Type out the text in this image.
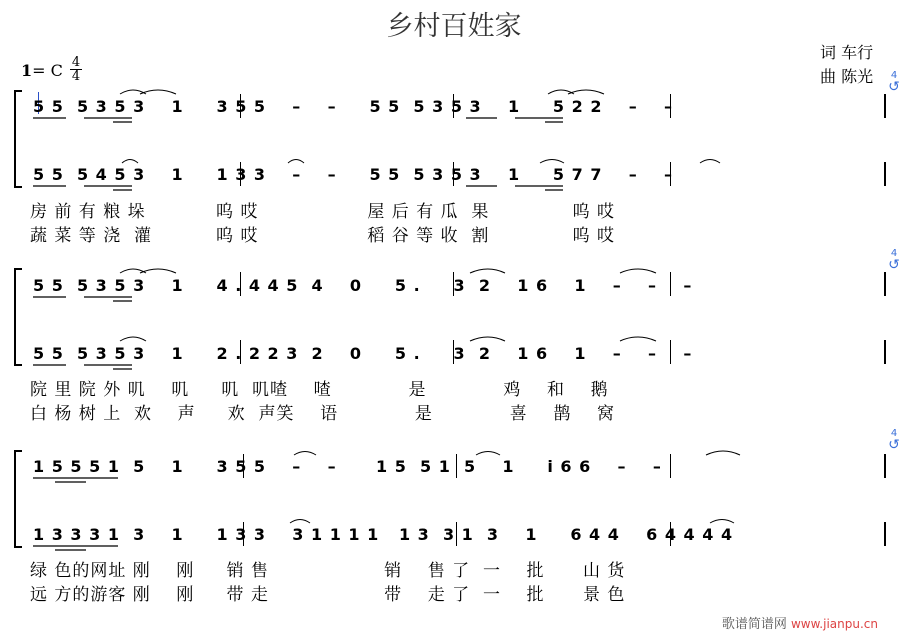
乡村百姓家
词 车行
曲 陈光
1= C 4
4
5 5  5 3 5 3    1     3 5 5    –    –     5 5  5 3 5 3    1     5 2 2    –    –
5 5  5 4 5 3    1     1 3 3    –    –     5 5  5 3 5 3    1     5 7 7    –    –
房 前 有 粮 垛           呜 哎                 屋 后 有 瓜  果             呜 哎
蔬 菜 等 浇  灌          呜 哎                 稻 谷 等 收  割             呜 哎
4
↺
5 5  5 3 5 3    1     4 . 4 4 5  4    0     5 .     3  2    1 6    1    –    –    –
5 5  5 3 5 3    1     2 . 2 2 3  2    0     5 .     3  2    1 6    1    –    –    –
院 里 院 外 叽    叽     叽  叽喳    喳            是            鸡    和    鹅
白 杨 树 上  欢    声     欢  声笑    语            是            喜    鹊    窝
4
↺
1 5 5 5 1  5    1     3 5 5    –    –      1 5  5 1  5    1     i 6 6    –    –
1 3 3 3 1  3    1     1 3 3    3 1 1 1 1   1 3  3 1  3    1     6 4 4    6 4 4 4 4
绿 色的网址 刚    刚     销 售                  销    售 了  一    批      山 货
远 方的游客 刚    刚     带 走                  带    走 了  一    批      景 色
4
↺
歌谱简谱网 www.jianpu.cn
